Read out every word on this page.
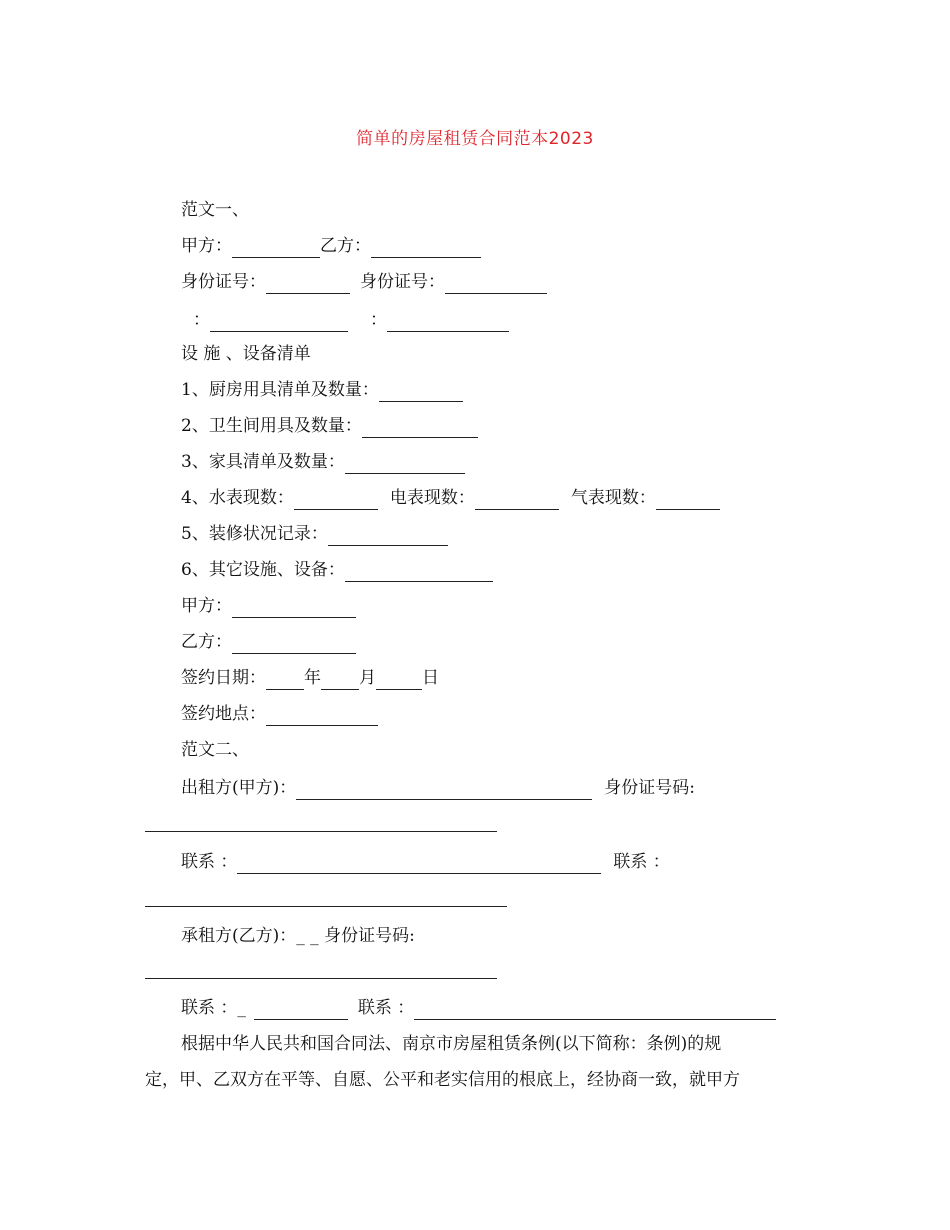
简单的房屋租赁合同范本2023
范文一、
甲方：	乙方：
身份证号：	身份证号：
：	：
设 施 、设备清单
1、厨房用具清单及数量：
2、卫生间用具及数量：
3、家具清单及数量：
4、水表现数：	电表现数：	气表现数：
5、装修状况记录：
6、其它设施、设备：
甲方：
乙方：
签约日期： 年 月	日
签约地点：
范文二、
出租方(甲方)：	身份证号码:
联系 ：	联系 ：
承租方(乙方)：_ _ 身份证号码:
联系 ：_	联系 ：
根据中华人民共和国合同法、南京市房屋租赁条例(以下简称：条例)的规
定，甲、乙双方在平等、自愿、公平和老实信用的根底上，经协商一致，就甲方
